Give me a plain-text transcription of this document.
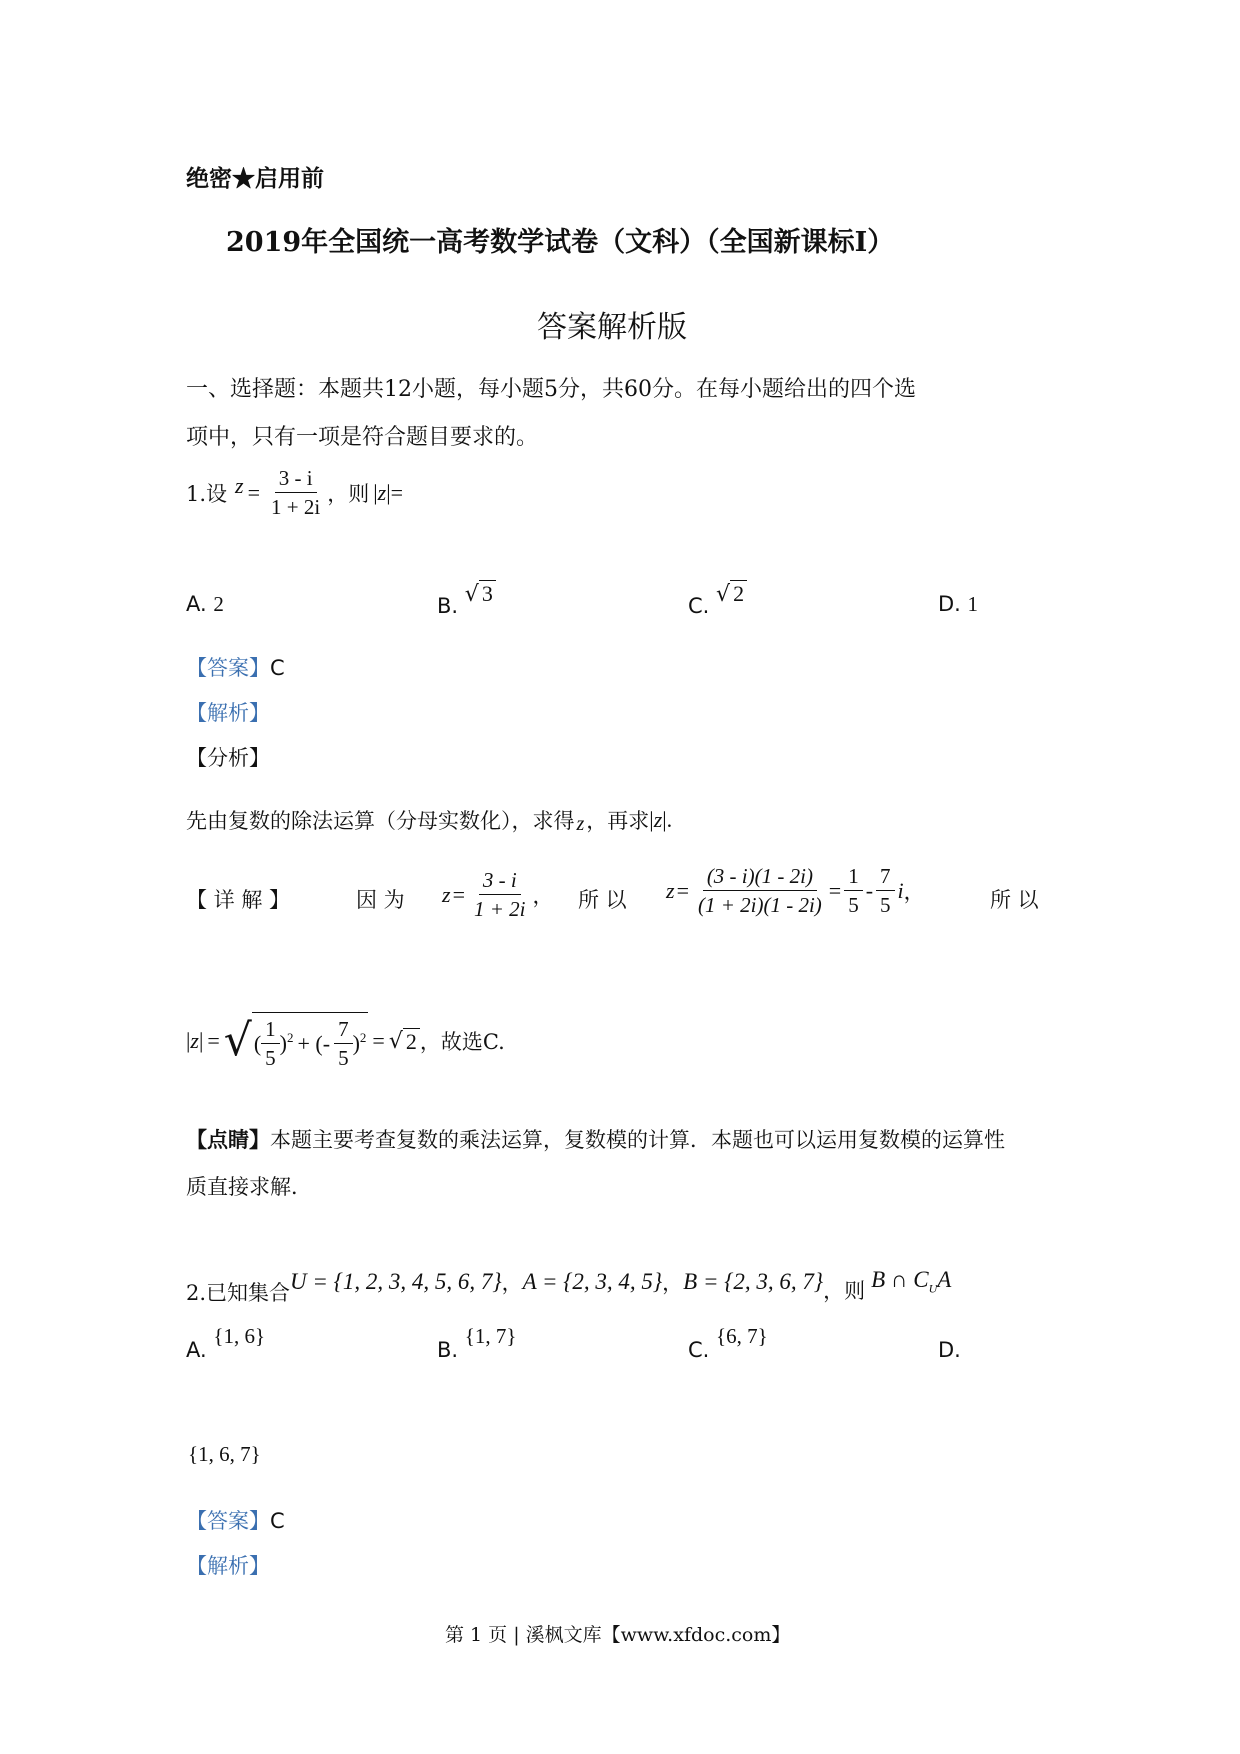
绝密★启用前
2019年全国统一高考数学试卷（文科）（全国新课标Ⅰ）
答案解析版
一、选择题：本题共12小题，每小题5分，共60分。在每小题给出的四个选
项中，只有一项是符合题目要求的。
1.设 $z = \frac{3 - i}{1 + 2i}$ ，则 |z|=
A. 2	B. √ 3	C. √ 2	D. 1
【答案】C
【解析】
【分析】
先由复数的除法运算（分母实数化），求得 z ，再求 |z|.
【 详 解 】	因 为 $z = \frac{3 - i}{1 + 2i}$ ， 所 以 $z = \frac{(3 - i)(1 - 2i)}{(1 + 2i)(1 - 2i)} = \frac{1}{5} - \frac{7}{5}$ i ，	所 以
|z| = √ ( $\frac{1}{5} )^2$ + (- $\frac{7}{5} )^2$ = √ 2 ，故选C.
【点睛】本题主要考查复数的乘法运算，复数模的计算．本题也可以运用复数模的运算性
质直接求解．
2.已知集合 U = {1, 2, 3, 4, 5, 6, 7} ， A = {2, 3, 4, 5} ， B = {2, 3, 6, 7} ，则 B ∩ $C_UA$
A. {1, 6}
B. {1, 7}
C. {6, 7}
D.
{1, 6, 7}
【答案】C
【解析】
第 1 页 | 溪枫文库【www.xfdoc.com】
